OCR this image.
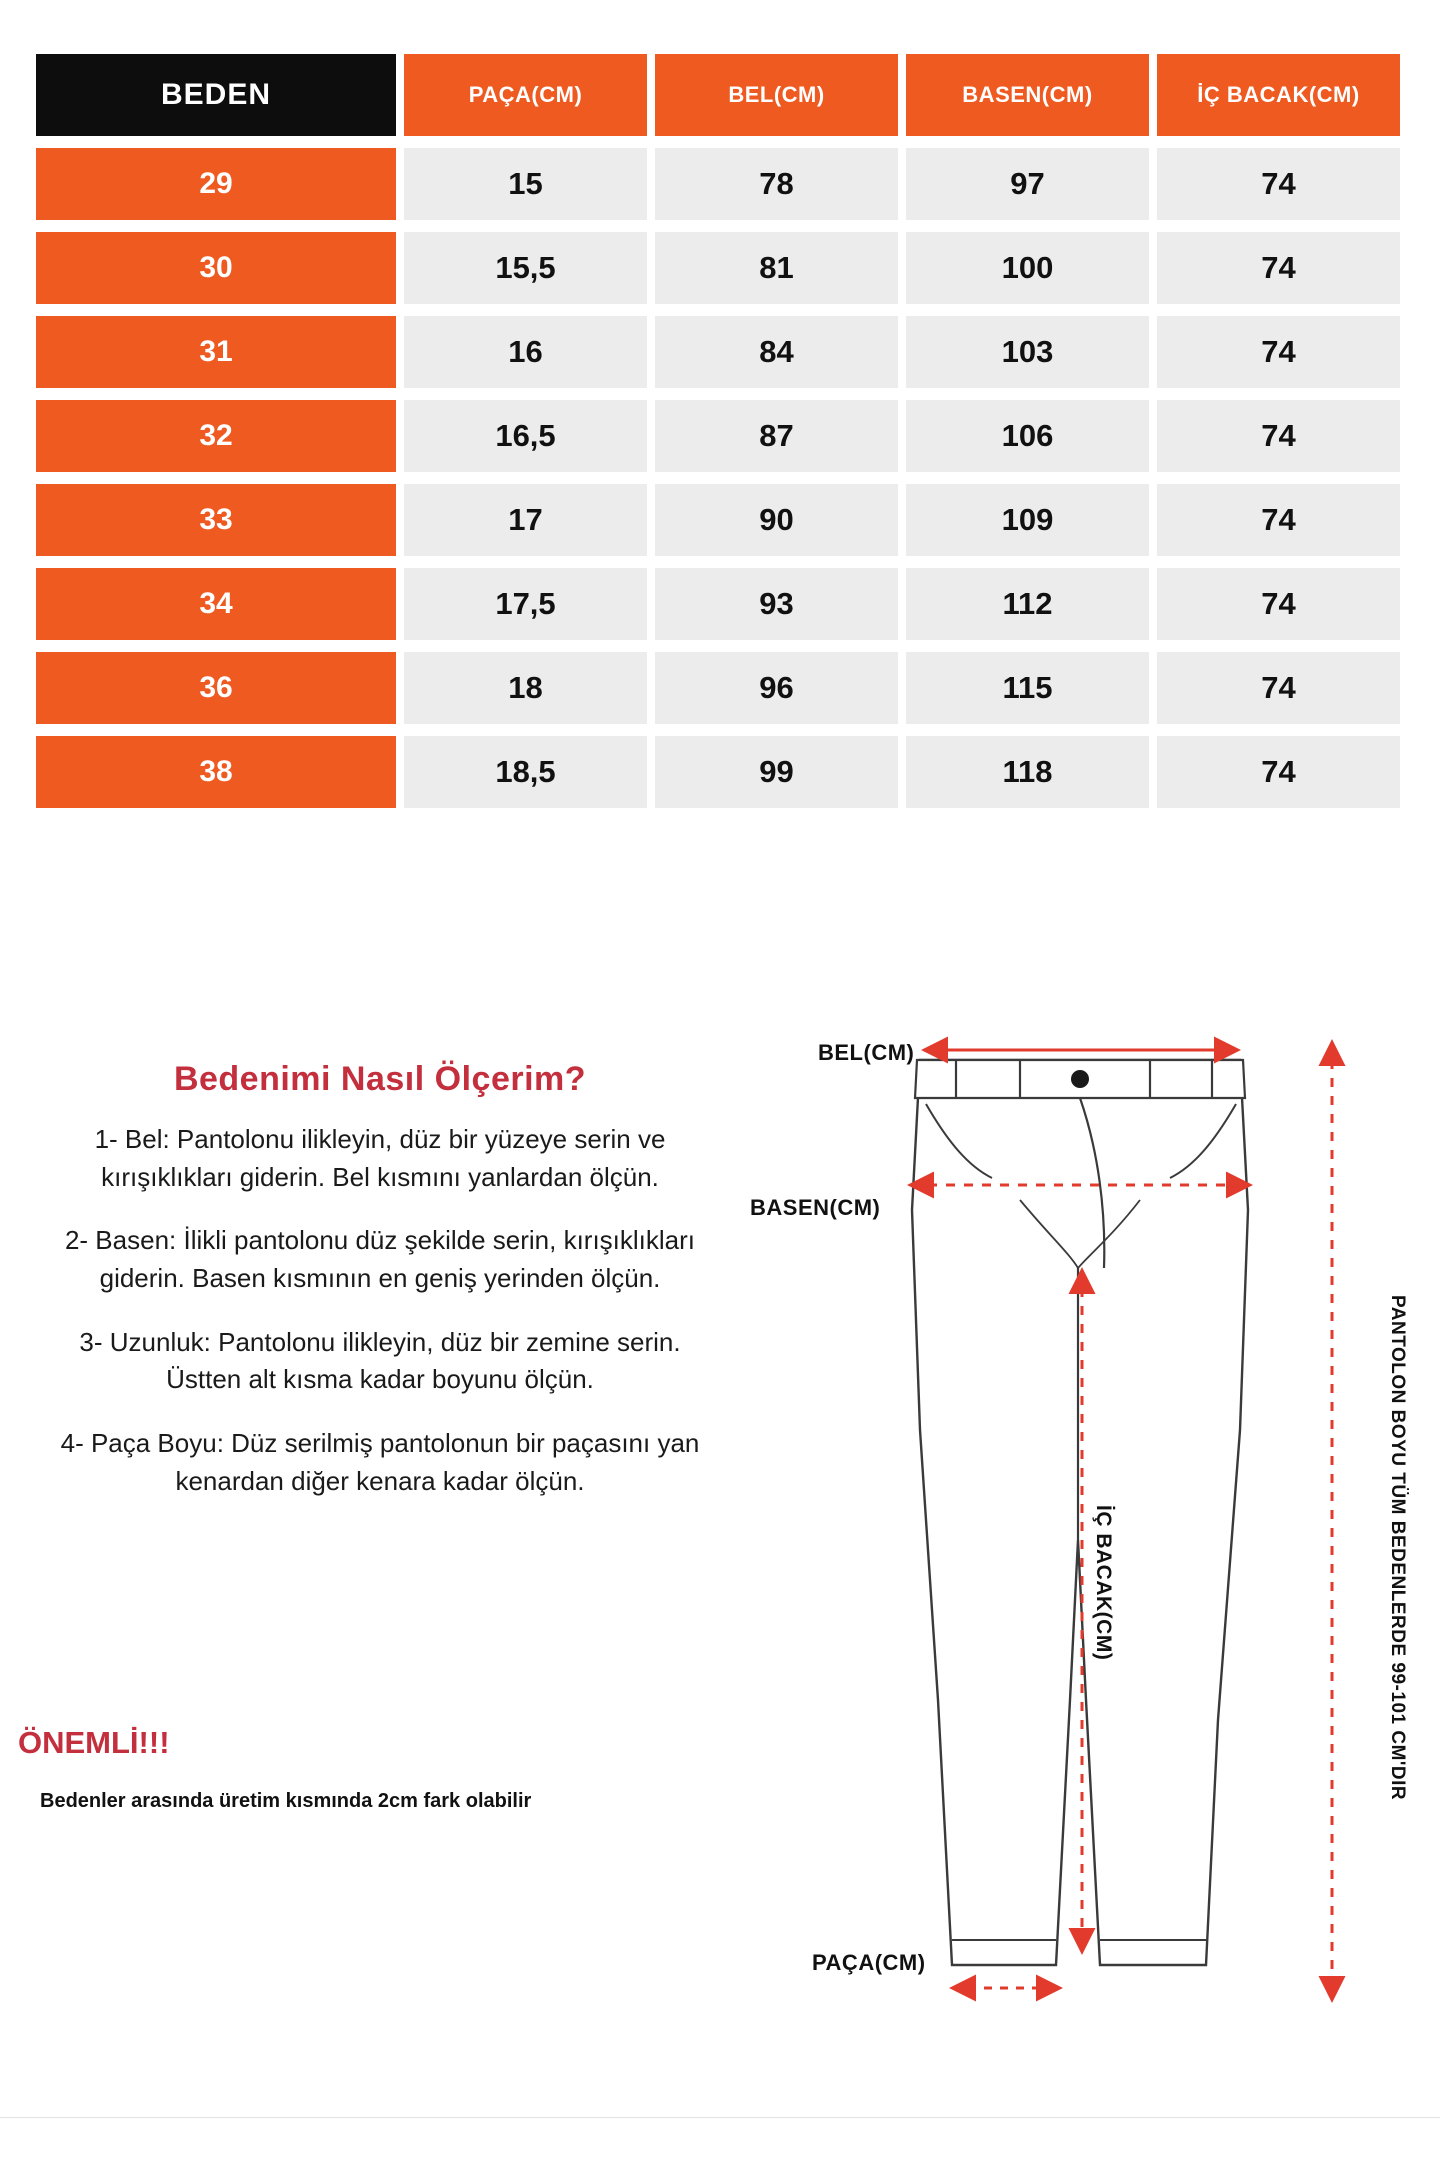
BEDEN	PAÇA(CM)	BEL(CM)	BASEN(CM)	İÇ BACAK(CM)
29	15	78	97	74
30	15,5	81	100	74
31	16	84	103	74
32	16,5	87	106	74
33	17	90	109	74
34	17,5	93	112	74
36	18	96	115	74
38	18,5	99	118	74
Bedenimi Nasıl Ölçerim?

1- Bel: Pantolonu ilikleyin, düz bir yüzeye serin ve kırışıklıkları giderin. Bel kısmını yanlardan ölçün.

2- Basen: İlikli pantolonu düz şekilde serin, kırışıklıkları giderin. Basen kısmının en geniş yerinden ölçün.

3- Uzunluk: Pantolonu ilikleyin, düz bir zemine serin. Üstten alt kısma kadar boyunu ölçün.

4- Paça Boyu: Düz serilmiş pantolonun bir paçasını yan kenardan diğer kenara kadar ölçün.

ÖNEMLİ!!!
Bedenler arasında üretim kısmında 2cm fark olabilir
BEL(CM)
BASEN(CM)
PAÇA(CM)
İÇ BACAK(CM)	PANTOLON BOYU TÜM BEDENLERDE 99-101 CM'DIR
